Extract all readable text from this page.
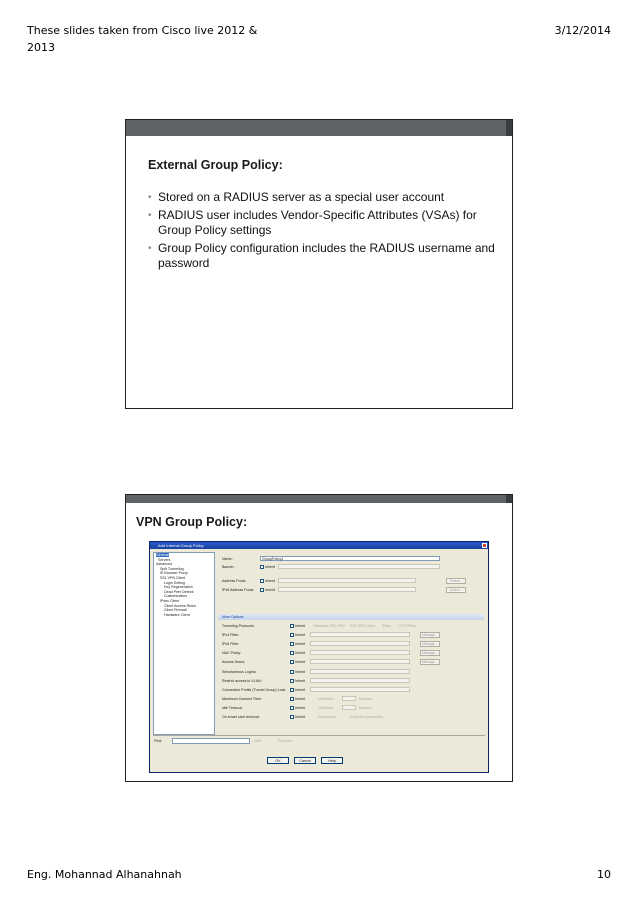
These slides taken from Cisco live 2012 & 2013
3/12/2014
External Group Policy:
• Stored on a RADIUS server as a special user account
• RADIUS user includes Vendor-Specific Attributes (VSAs) for Group Policy settings
• Group Policy configuration includes the RADIUS username and password
VPN Group Policy:
Add Internal Group Policy
General
Servers
Advanced
Split Tunneling
IE Browser Proxy
SSL VPN Client
Login Setting
Key Regeneration
Dead Peer Detecti
Customization
IPsec Client
Client Access Rules
Client Firewall
Hardware Client
Name:	GroupPolicy1
Banner:	Inherit
Address Pools:	Inherit	Select...
IPv6 Address Pools:	Inherit	Select...
More Options
Tunneling Protocols:	Inherit Clientless SSL VPN SSL VPN Client IPsec L2TP/IPsec
IPv4 Filter:	Inherit	Manage...
IPv6 Filter:	Inherit	Manage...
NAC Policy:	Inherit	Manage...
Access Hours:	Inherit	Manage...
Simultaneous Logins:	Inherit
Restrict access to VLAN:	Inherit
Connection Profile (Tunnel Group) Lock: Inherit
Maximum Connect Time:	Inherit	Unlimited	minutes
Idle Timeout:	Inherit	Unlimited	minutes
On smart card removal:	Inherit	Disconnect	Keep the connection
Find:	Next	Previous
OK	Cancel	Help
Eng. Mohannad Alhanahnah	10
